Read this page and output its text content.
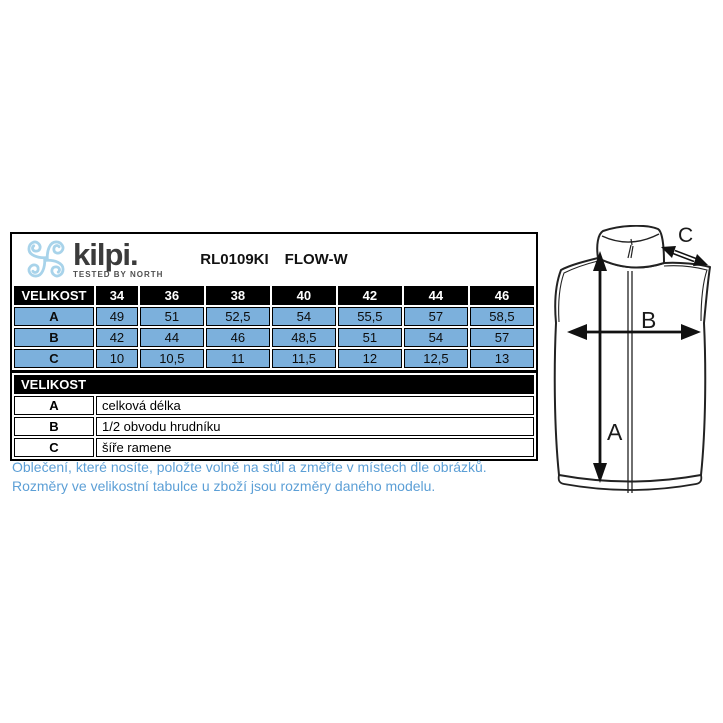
kilpi.
TESTED BY NORTH
RL0109KI FLOW-W
VELIKOST	34	36	38	40	42	44	46
A	49	51	52,5	54	55,5	57	58,5
B	42	44	46	48,5	51	54	57
C	10	10,5	11	11,5	12	12,5	13
VELIKOST	
A	celková délka
B	1/2 obvodu hrudníku
C	šíře ramene
Oblečení, které nosíte, položte volně na stůl a změřte v místech dle obrázků.
Rozměry ve velikostní tabulce u zboží jsou rozměry daného modelu.
A
B
C
